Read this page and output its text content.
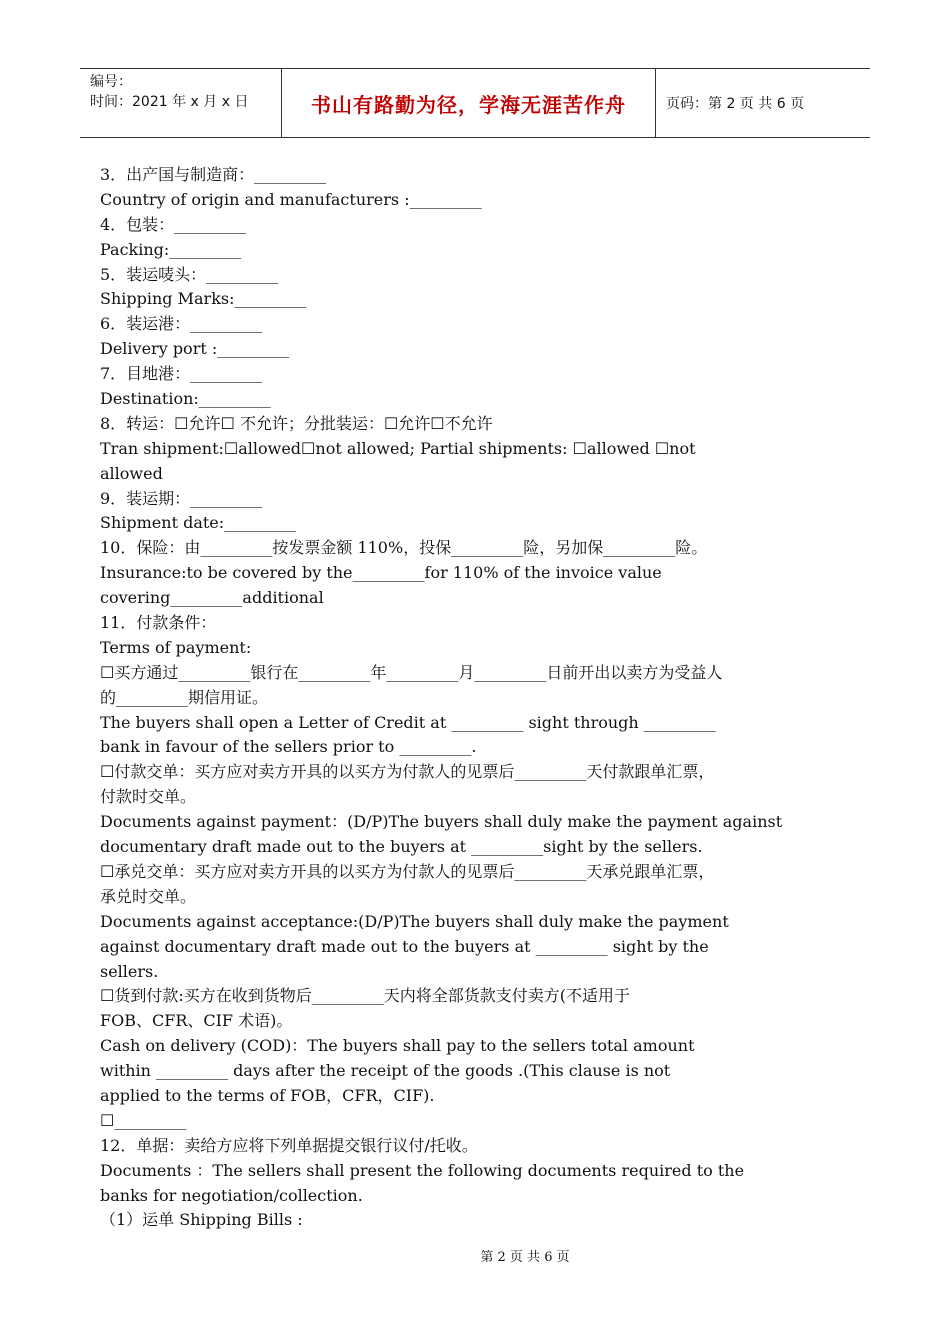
编号：
时间：2021 年 x 月 x 日	书山有路勤为径，学海无涯苦作舟	页码：第 2 页 共 6 页
3．出产国与制造商：_________
Country of origin and manufacturers :_________
4．包装：_________
Packing:_________
5．装运唛头：_________
Shipping Marks:_________
6．装运港：_________
Delivery port :_________
7．目地港：_________
Destination:_________
8．转运：☐允许☐ 不允许；分批装运：☐允许☐不允许
Tran shipment:☐allowed☐not allowed; Partial shipments: ☐allowed ☐not
allowed
9．装运期：_________
Shipment date:_________
10．保险：由_________按发票金额 110%，投保_________险，另加保_________险。
Insurance:to be covered by the_________for 110% of the invoice value
covering_________additional
11．付款条件：
Terms of payment:
☐买方通过_________银行在_________年_________月_________日前开出以卖方为受益人
的_________期信用证。
The buyers shall open a Letter of Credit at _________ sight through _________
bank in favour of the sellers prior to _________.
☐付款交单：买方应对卖方开具的以买方为付款人的见票后_________天付款跟单汇票，
付款时交单。
Documents against payment：(D/P)The buyers shall duly make the payment against
documentary draft made out to the buyers at _________sight by the sellers.
☐承兑交单：买方应对卖方开具的以买方为付款人的见票后_________天承兑跟单汇票，
承兑时交单。
Documents against acceptance:(D/P)The buyers shall duly make the payment
against documentary draft made out to the buyers at _________ sight by the
sellers.
☐货到付款:买方在收到货物后_________天内将全部货款支付卖方(不适用于
FOB、CFR、CIF 术语)。
Cash on delivery (COD)：The buyers shall pay to the sellers total amount
within _________ days after the receipt of the goods .(This clause is not
applied to the terms of FOB，CFR，CIF).
☐_________
12．单据：卖给方应将下列单据提交银行议付/托收。
Documents ：The sellers shall present the following documents required to the
banks for negotiation/collection.
（1）运单 Shipping Bills :
第 2 页 共 6 页
